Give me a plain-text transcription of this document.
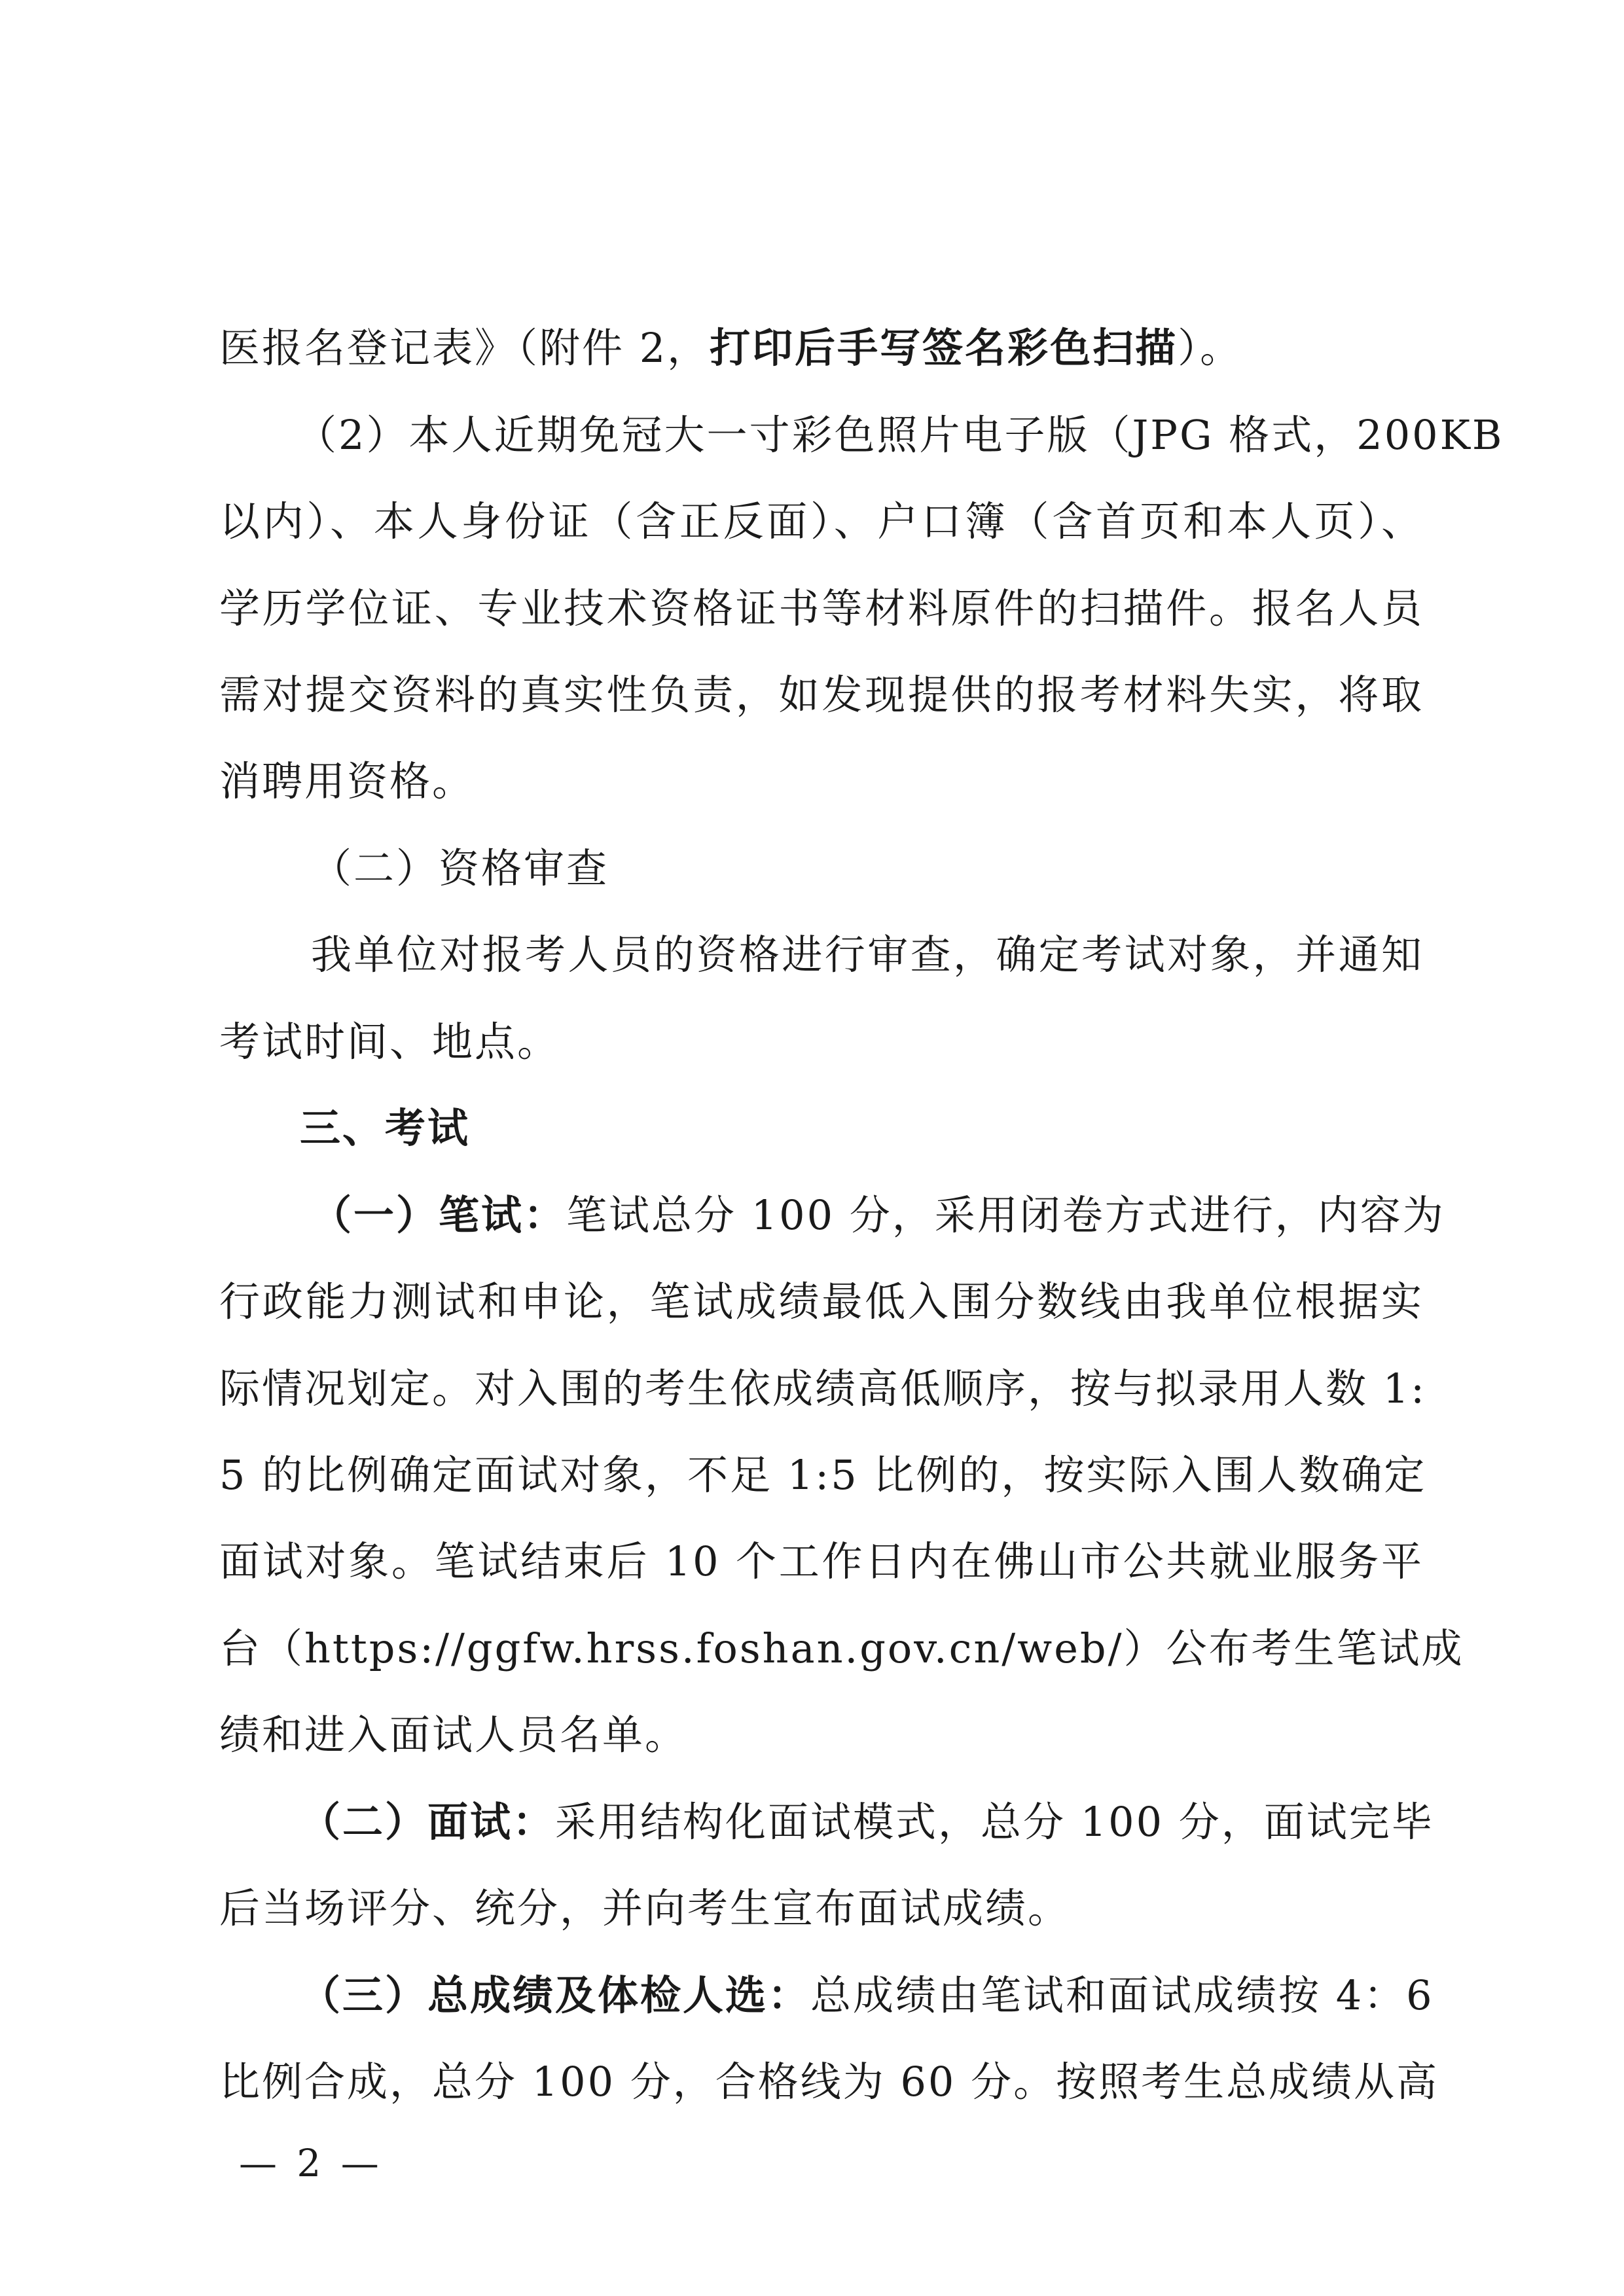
医报名登记表》（附件 2，打印后手写签名彩色扫描）。
（2）本人近期免冠大一寸彩色照片电子版（JPG 格式，200KB
以内）、本人身份证（含正反面）、户口簿（含首页和本人页）、
学历学位证、专业技术资格证书等材料原件的扫描件。报名人员
需对提交资料的真实性负责，如发现提供的报考材料失实，将取
消聘用资格。
（二）资格审查
我单位对报考人员的资格进行审查，确定考试对象，并通知
考试时间、地点。
三、考试
（一）笔试：笔试总分 100 分，采用闭卷方式进行，内容为
行政能力测试和申论，笔试成绩最低入围分数线由我单位根据实
际情况划定。对入围的考生依成绩高低顺序，按与拟录用人数 1:
5 的比例确定面试对象，不足 1:5 比例的，按实际入围人数确定
面试对象。笔试结束后 10 个工作日内在佛山市公共就业服务平
台（https://ggfw.hrss.foshan.gov.cn/web/）公布考生笔试成
绩和进入面试人员名单。
（二）面试：采用结构化面试模式，总分 100 分，面试完毕
后当场评分、统分，并向考生宣布面试成绩。
（三）总成绩及体检人选：总成绩由笔试和面试成绩按 4：6
比例合成，总分 100 分，合格线为 60 分。按照考生总成绩从高
— 2 —
